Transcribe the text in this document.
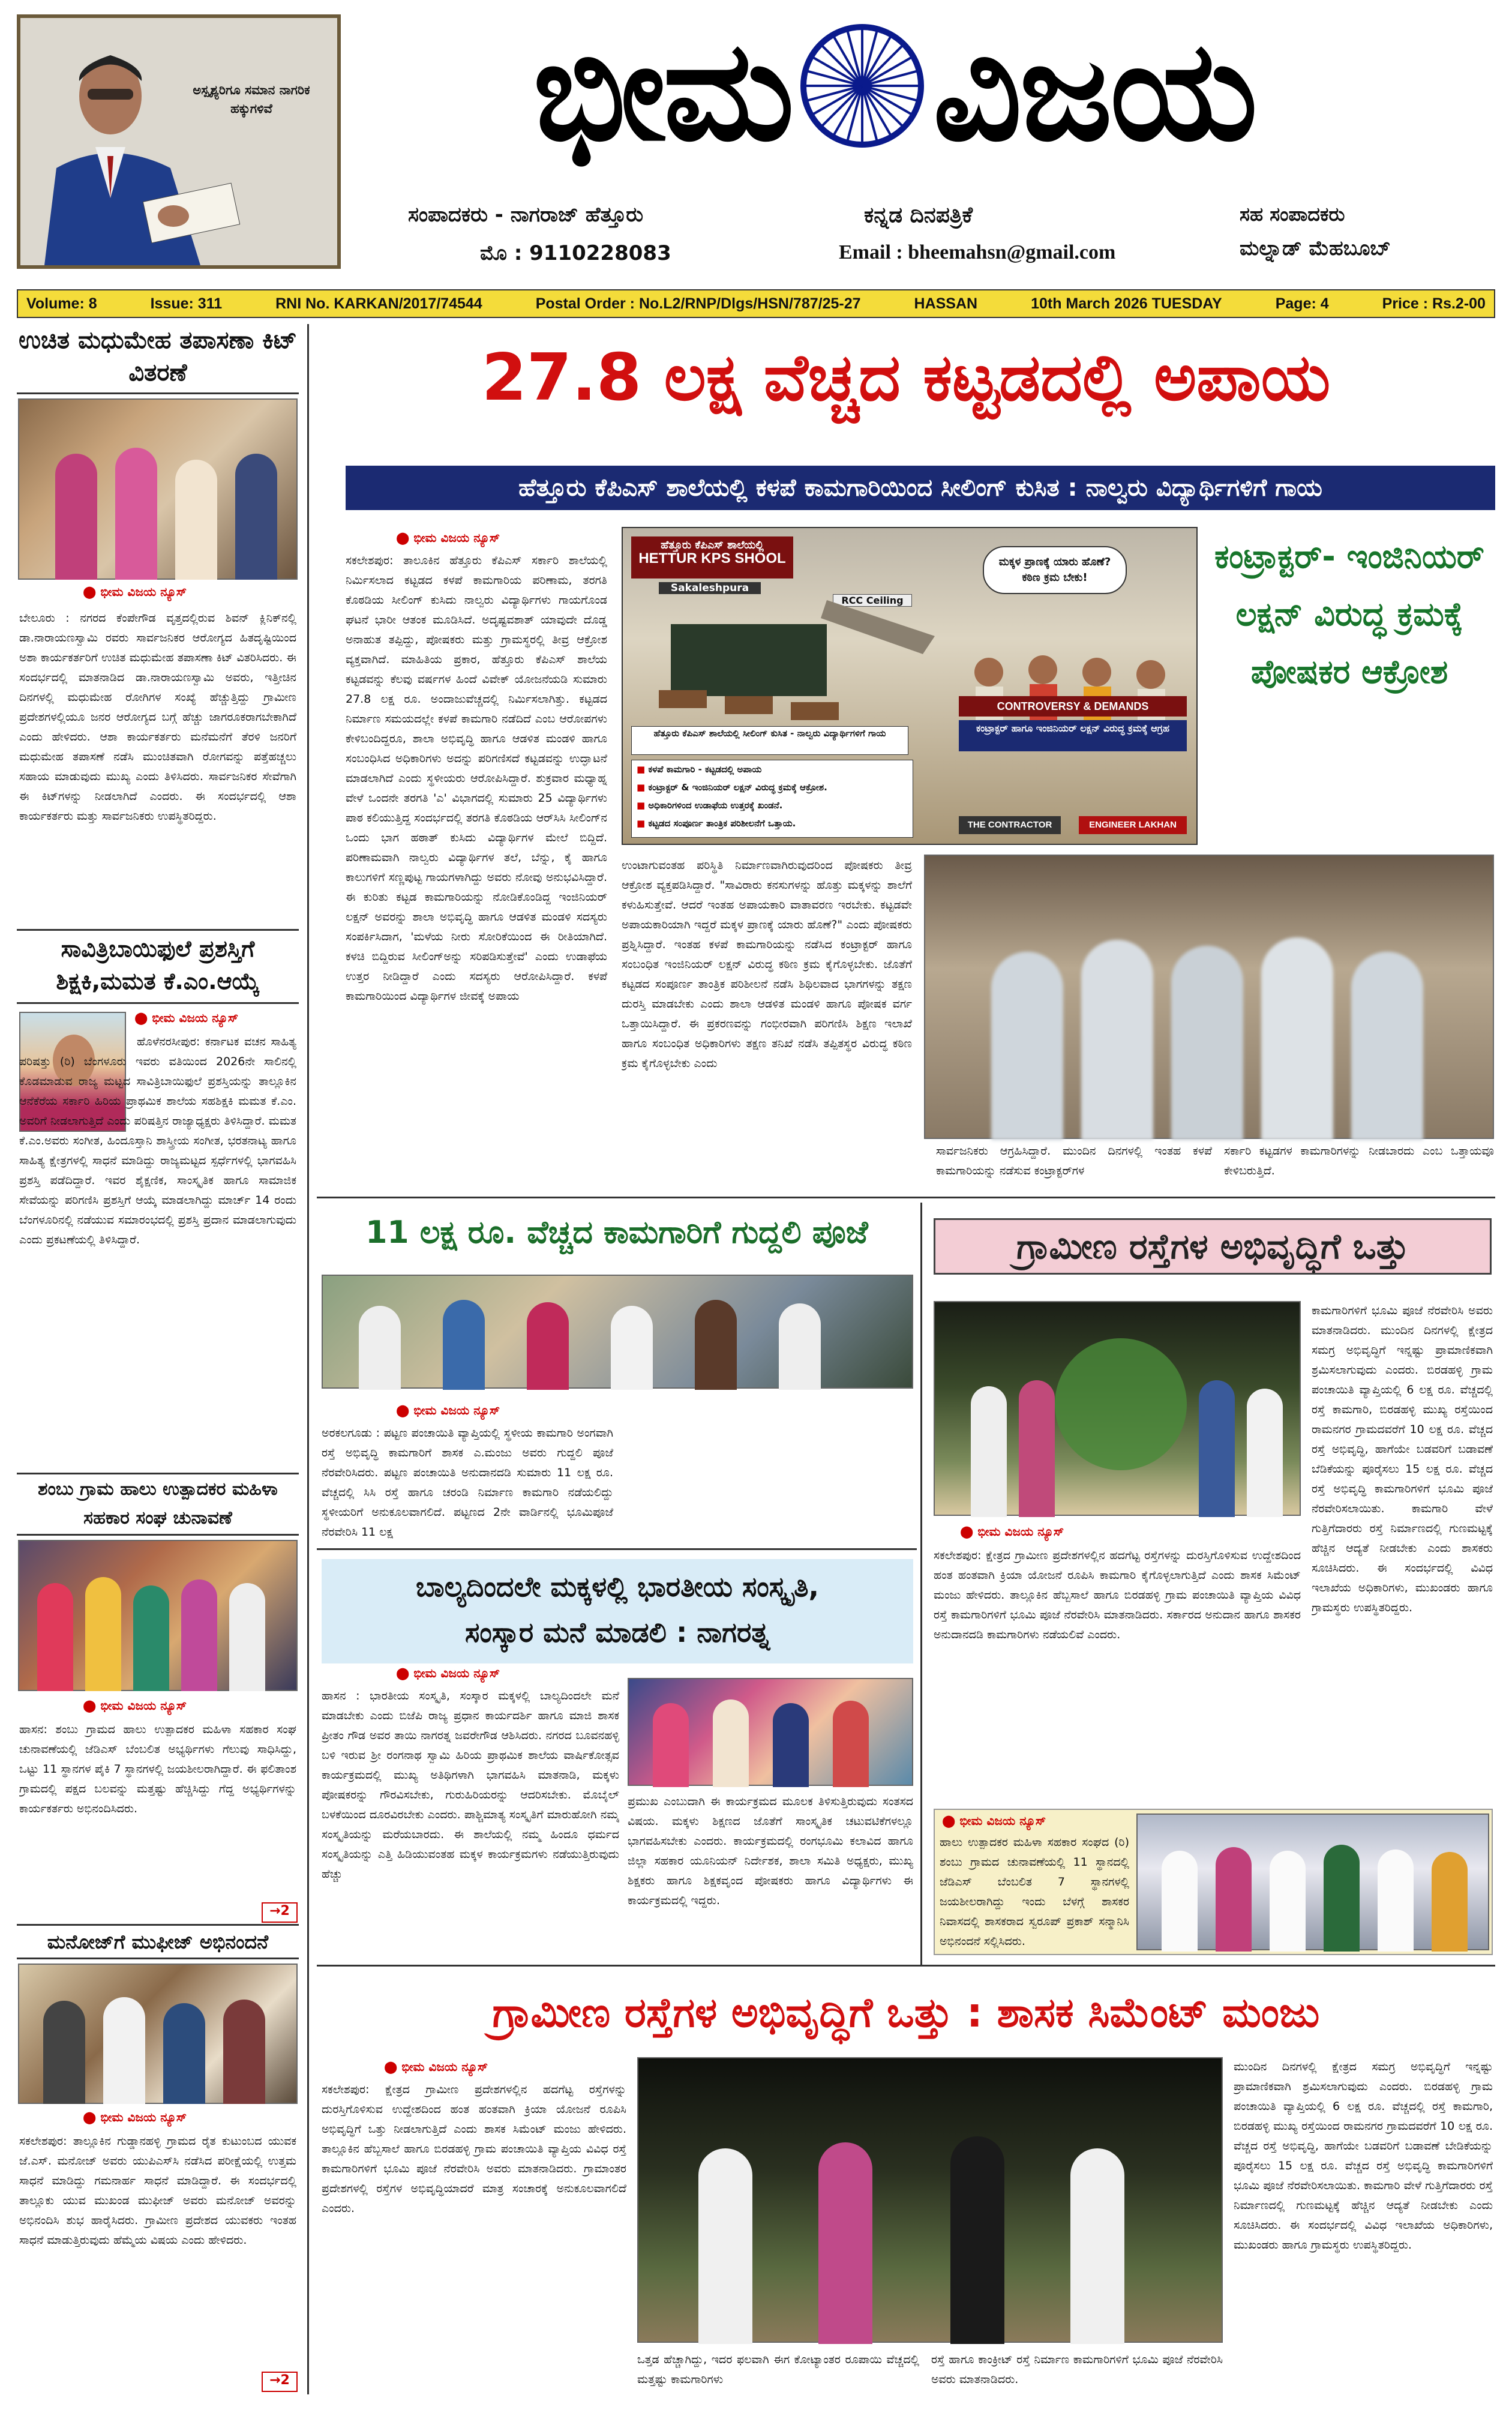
ಅಸ್ಪೃಶ್ಯರಿಗೂ ಸಮಾನ ನಾಗರಿಕ ಹಕ್ಕುಗಳಿವೆ	ಭೀಮ ವಿಜಯ
ಸಂಪಾದಕರು - ನಾಗರಾಜ್ ಹೆತ್ತೂರು
ಮೊ : 9110228083
ಕನ್ನಡ ದಿನಪತ್ರಿಕೆ
Email : bheemahsn@gmail.com
ಸಹ ಸಂಪಾದಕರು
ಮಲ್ನಾಡ್ ಮೆಹಬೂಬ್
Volume: 8	Issue: 311	RNI No. KARKAN/2017/74544	Postal Order : No.L2/RNP/Dlgs/HSN/787/25-27	HASSAN	10th March 2026 TUESDAY	Page: 4	Price : Rs.2-00
ಉಚಿತ ಮಧುಮೇಹ ತಪಾಸಣಾ ಕಿಟ್ ವಿತರಣೆ
⬤ ಭೀಮ ವಿಜಯ ನ್ಯೂಸ್
ಬೇಲೂರು : ನಗರದ ಕೆಂಪೇಗೌಡ ವೃತ್ತದಲ್ಲಿರುವ ಶಿವನ್ ಕ್ಲಿನಿಕ್‌ನಲ್ಲಿ ಡಾ.ನಾರಾಯಣಸ್ವಾಮಿ ರವರು ಸಾರ್ವಜನಿಕರ ಆರೋಗ್ಯದ ಹಿತದೃಷ್ಟಿಯಿಂದ ಅಶಾ ಕಾರ್ಯಕರ್ತರಿಗೆ ಉಚಿತ ಮಧುಮೇಹ ತಪಾಸಣಾ ಕಿಟ್ ವಿತರಿಸಿದರು. ಈ ಸಂದರ್ಭದಲ್ಲಿ ಮಾತನಾಡಿದ ಡಾ.ನಾರಾಯಣಸ್ವಾಮಿ ಅವರು, ಇತ್ತೀಚಿನ ದಿನಗಳಲ್ಲಿ ಮಧುಮೇಹ ರೋಗಿಗಳ ಸಂಖ್ಯೆ ಹೆಚ್ಚುತ್ತಿದ್ದು ಗ್ರಾಮೀಣ ಪ್ರದೇಶಗಳಲ್ಲಿಯೂ ಜನರ ಆರೋಗ್ಯದ ಬಗ್ಗೆ ಹೆಚ್ಚು ಜಾಗರೂಕರಾಗಬೇಕಾಗಿದೆ ಎಂದು ಹೇಳಿದರು. ಆಶಾ ಕಾರ್ಯಕರ್ತರು ಮನೆಮನೆಗೆ ತೆರಳಿ ಜನರಿಗೆ ಮಧುಮೇಹ ತಪಾಸಣೆ ನಡೆಸಿ ಮುಂಚಿತವಾಗಿ ರೋಗವನ್ನು ಪತ್ತೆಹಚ್ಚಲು ಸಹಾಯ ಮಾಡುವುದು ಮುಖ್ಯ ಎಂದು ತಿಳಿಸಿದರು. ಸಾರ್ವಜನಿಕರ ಸೇವೆಗಾಗಿ ಈ ಕಿಟ್‌ಗಳನ್ನು ನೀಡಲಾಗಿದೆ ಎಂದರು. ಈ ಸಂದರ್ಭದಲ್ಲಿ ಆಶಾ ಕಾರ್ಯಕರ್ತರು ಮತ್ತು ಸಾರ್ವಜನಿಕರು ಉಪಸ್ಥಿತರಿದ್ದರು.
ಸಾವಿತ್ರಿಬಾಯಿಫುಲೆ ಪ್ರಶಸ್ತಿಗೆ ಶಿಕ್ಷಕಿ,ಮಮತ ಕೆ.ಎಂ.ಆಯ್ಕೆ
⬤ ಭೀಮ ವಿಜಯ ನ್ಯೂಸ್
ಹೊಳೆನರಸೀಪುರ: ಕರ್ನಾಟಕ ವಚನ ಸಾಹಿತ್ಯ ಪರಿಷತ್ತು (ರಿ) ಬೆಂಗಳೂರು ಇವರು ವತಿಯಿಂದ 2026ನೇ ಸಾಲಿನಲ್ಲಿ ಕೊಡಮಾಡುವ ರಾಜ್ಯ ಮಟ್ಟದ ಸಾವಿತ್ರಿಬಾಯಿಫುಲೆ ಪ್ರಶಸ್ತಿಯನ್ನು ತಾಲ್ಲೂಕಿನ ಆನೆಕೆರೆಯ ಸರ್ಕಾರಿ ಹಿರಿಯ ಪ್ರಾಥಮಿಕ ಶಾಲೆಯ ಸಹಶಿಕ್ಷಕಿ ಮಮತ ಕೆ.ಎಂ. ಅವರಿಗೆ ನೀಡಲಾಗುತ್ತಿದೆ ಎಂದು ಪರಿಷತ್ತಿನ ರಾಜ್ಯಾಧ್ಯಕ್ಷರು ತಿಳಿಸಿದ್ದಾರೆ. ಮಮತ ಕೆ.ಎಂ.ಅವರು ಸಂಗೀತ, ಹಿಂದೂಸ್ತಾನಿ ಶಾಸ್ತ್ರೀಯ ಸಂಗೀತ, ಭರತನಾಟ್ಯ ಹಾಗೂ ಸಾಹಿತ್ಯ ಕ್ಷೇತ್ರಗಳಲ್ಲಿ ಸಾಧನೆ ಮಾಡಿದ್ದು ರಾಜ್ಯಮಟ್ಟದ ಸ್ಪರ್ಧೆಗಳಲ್ಲಿ ಭಾಗವಹಿಸಿ ಪ್ರಶಸ್ತಿ ಪಡೆದಿದ್ದಾರೆ. ಇವರ ಶೈಕ್ಷಣಿಕ, ಸಾಂಸ್ಕೃತಿಕ ಹಾಗೂ ಸಾಮಾಜಿಕ ಸೇವೆಯನ್ನು ಪರಿಗಣಿಸಿ ಪ್ರಶಸ್ತಿಗೆ ಆಯ್ಕೆ ಮಾಡಲಾಗಿದ್ದು ಮಾರ್ಚ್ 14 ರಂದು ಬೆಂಗಳೂರಿನಲ್ಲಿ ನಡೆಯುವ ಸಮಾರಂಭದಲ್ಲಿ ಪ್ರಶಸ್ತಿ ಪ್ರದಾನ ಮಾಡಲಾಗುವುದು ಎಂದು ಪ್ರಕಟಣೆಯಲ್ಲಿ ತಿಳಿಸಿದ್ದಾರೆ.
ಶಂಬು ಗ್ರಾಮ ಹಾಲು ಉತ್ಪಾದಕರ ಮಹಿಳಾ ಸಹಕಾರ ಸಂಘ ಚುನಾವಣೆ
⬤ ಭೀಮ ವಿಜಯ ನ್ಯೂಸ್
ಹಾಸನ: ಶಂಬು ಗ್ರಾಮದ ಹಾಲು ಉತ್ಪಾದಕರ ಮಹಿಳಾ ಸಹಕಾರ ಸಂಘ ಚುನಾವಣೆಯಲ್ಲಿ ಜೆಡಿಎಸ್ ಬೆಂಬಲಿತ ಅಭ್ಯರ್ಥಿಗಳು ಗೆಲುವು ಸಾಧಿಸಿದ್ದು, ಒಟ್ಟು 11 ಸ್ಥಾನಗಳ ಪೈಕಿ 7 ಸ್ಥಾನಗಳಲ್ಲಿ ಜಯಶೀಲರಾಗಿದ್ದಾರೆ. ಈ ಫಲಿತಾಂಶ ಗ್ರಾಮದಲ್ಲಿ ಪಕ್ಷದ ಬಲವನ್ನು ಮತ್ತಷ್ಟು ಹೆಚ್ಚಿಸಿದ್ದು ಗೆದ್ದ ಅಭ್ಯರ್ಥಿಗಳನ್ನು ಕಾರ್ಯಕರ್ತರು ಅಭಿನಂದಿಸಿದರು.
→2
ಮನೋಜ್‌ಗೆ ಮುಫೀಜ್ ಅಭಿನಂದನೆ
⬤ ಭೀಮ ವಿಜಯ ನ್ಯೂಸ್
ಸಕಲೇಶಪುರ: ತಾಲ್ಲೂಕಿನ ಗುಡ್ಡಾನಹಳ್ಳಿ ಗ್ರಾಮದ ರೈತ ಕುಟುಂಬದ ಯುವಕ ಜೆ.ಎಸ್. ಮನೋಜ್ ಅವರು ಯುಪಿಎಸ್‌ಸಿ ನಡೆಸಿದ ಪರೀಕ್ಷೆಯಲ್ಲಿ ಉತ್ತಮ ಸಾಧನೆ ಮಾಡಿದ್ದು ಗಮನಾರ್ಹ ಸಾಧನೆ ಮಾಡಿದ್ದಾರೆ. ಈ ಸಂದರ್ಭದಲ್ಲಿ ತಾಲ್ಲೂಕು ಯುವ ಮುಖಂಡ ಮುಫೀಜ್ ಅವರು ಮನೋಜ್ ಅವರನ್ನು ಅಭಿನಂದಿಸಿ ಶುಭ ಹಾರೈಸಿದರು. ಗ್ರಾಮೀಣ ಪ್ರದೇಶದ ಯುವಕರು ಇಂತಹ ಸಾಧನೆ ಮಾಡುತ್ತಿರುವುದು ಹೆಮ್ಮೆಯ ವಿಷಯ ಎಂದು ಹೇಳಿದರು.
→2
27.8 ಲಕ್ಷ ವೆಚ್ಚದ ಕಟ್ಟಡದಲ್ಲಿ ಅಪಾಯ
ಹೆತ್ತೂರು ಕೆಪಿಎಸ್ ಶಾಲೆಯಲ್ಲಿ ಕಳಪೆ ಕಾಮಗಾರಿಯಿಂದ ಸೀಲಿಂಗ್ ಕುಸಿತ : ನಾಲ್ವರು ವಿದ್ಯಾರ್ಥಿಗಳಿಗೆ ಗಾಯ
⬤ ಭೀಮ ವಿಜಯ ನ್ಯೂಸ್
ಸಕಲೇಶಪುರ: ತಾಲೂಕಿನ ಹೆತ್ತೂರು ಕೆಪಿಎಸ್ ಸರ್ಕಾರಿ ಶಾಲೆಯಲ್ಲಿ ನಿರ್ಮಿಸಲಾದ ಕಟ್ಟಡದ ಕಳಪೆ ಕಾಮಗಾರಿಯ ಪರಿಣಾಮ, ತರಗತಿ ಕೊಠಡಿಯ ಸೀಲಿಂಗ್ ಕುಸಿದು ನಾಲ್ವರು ವಿದ್ಯಾರ್ಥಿಗಳು ಗಾಯಗೊಂಡ ಘಟನೆ ಭಾರೀ ಆತಂಕ ಮೂಡಿಸಿದೆ. ಅದೃಷ್ಟವಶಾತ್ ಯಾವುದೇ ದೊಡ್ಡ ಅನಾಹುತ ತಪ್ಪಿದ್ದು, ಪೋಷಕರು ಮತ್ತು ಗ್ರಾಮಸ್ಥರಲ್ಲಿ ತೀವ್ರ ಆಕ್ರೋಶ ವ್ಯಕ್ತವಾಗಿದೆ. ಮಾಹಿತಿಯ ಪ್ರಕಾರ, ಹೆತ್ತೂರು ಕೆಪಿಎಸ್ ಶಾಲೆಯ ಕಟ್ಟಡವನ್ನು ಕೆಲವು ವರ್ಷಗಳ ಹಿಂದೆ ವಿವೇಕ್ ಯೋಜನೆಯಡಿ ಸುಮಾರು 27.8 ಲಕ್ಷ ರೂ. ಅಂದಾಜುವೆಚ್ಚದಲ್ಲಿ ನಿರ್ಮಿಸಲಾಗಿತ್ತು. ಕಟ್ಟಡದ ನಿರ್ಮಾಣ ಸಮಯದಲ್ಲೇ ಕಳಪೆ ಕಾಮಗಾರಿ ನಡೆದಿದೆ ಎಂಬ ಆರೋಪಗಳು ಕೇಳಿಬಂದಿದ್ದರೂ, ಶಾಲಾ ಅಭಿವೃದ್ಧಿ ಹಾಗೂ ಆಡಳಿತ ಮಂಡಳಿ ಹಾಗೂ ಸಂಬಂಧಿಸಿದ ಅಧಿಕಾರಿಗಳು ಅದನ್ನು ಪರಿಗಣಿಸದೆ ಕಟ್ಟಡವನ್ನು ಉದ್ಘಾಟನೆ ಮಾಡಲಾಗಿದೆ ಎಂದು ಸ್ಥಳೀಯರು ಆರೋಪಿಸಿದ್ದಾರೆ. ಶುಕ್ರವಾರ ಮಧ್ಯಾಹ್ನ ವೇಳೆ ಒಂದನೇ ತರಗತಿ 'ಎ' ವಿಭಾಗದಲ್ಲಿ ಸುಮಾರು 25 ವಿದ್ಯಾರ್ಥಿಗಳು ಪಾಠ ಕಲಿಯುತ್ತಿದ್ದ ಸಂದರ್ಭದಲ್ಲಿ ತರಗತಿ ಕೊಠಡಿಯ ಆರ್‌ಸಿಸಿ ಸೀಲಿಂಗ್‌ನ ಒಂದು ಭಾಗ ಹಠಾತ್ ಕುಸಿದು ವಿದ್ಯಾರ್ಥಿಗಳ ಮೇಲೆ ಬಿದ್ದಿದೆ. ಪರಿಣಾಮವಾಗಿ ನಾಲ್ವರು ವಿದ್ಯಾರ್ಥಿಗಳ ತಲೆ, ಬೆನ್ನು, ಕೈ ಹಾಗೂ ಕಾಲುಗಳಿಗೆ ಸಣ್ಣಪುಟ್ಟ ಗಾಯಗಳಾಗಿದ್ದು ಅವರು ನೋವು ಅನುಭವಿಸಿದ್ದಾರೆ. ಈ ಕುರಿತು ಕಟ್ಟಡ ಕಾಮಗಾರಿಯನ್ನು ನೋಡಿಕೊಂಡಿದ್ದ ಇಂಜಿನಿಯರ್ ಲಕ್ಷನ್ ಅವರನ್ನು ಶಾಲಾ ಅಭಿವೃದ್ಧಿ ಹಾಗೂ ಆಡಳಿತ ಮಂಡಳಿ ಸದಸ್ಯರು ಸಂಪರ್ಕಿಸಿದಾಗ, 'ಮಳೆಯ ನೀರು ಸೋರಿಕೆಯಿಂದ ಈ ರೀತಿಯಾಗಿದೆ. ಕಳಚಿ ಬಿದ್ದಿರುವ ಸೀಲಿಂಗ್‌ಅನ್ನು ಸರಿಪಡಿಸುತ್ತೇವೆ' ಎಂದು ಉಡಾಫೆಯ ಉತ್ತರ ನೀಡಿದ್ದಾರೆ ಎಂದು ಸದಸ್ಯರು ಆರೋಪಿಸಿದ್ದಾರೆ. ಕಳಪೆ ಕಾಮಗಾರಿಯಿಂದ ವಿದ್ಯಾರ್ಥಿಗಳ ಜೀವಕ್ಕೆ ಅಪಾಯ
ಹೆತ್ತೂರು ಕೆಪಿಎಸ್ ಶಾಲೆಯಲ್ಲಿ
HETTUR KPS SHOOL
Sakaleshpura
RCC Ceiling
ಮಕ್ಕಳ ಪ್ರಾಣಕ್ಕೆ ಯಾರು ಹೊಣೆ?
ಕಠಿಣ ಕ್ರಮ ಬೇಕು!
CONTROVERSY & DEMANDS
ಹೆತ್ತೂರು ಕೆಪಿಎಸ್ ಶಾಲೆಯಲ್ಲಿ ಸೀಲಿಂಗ್ ಕುಸಿತ - ನಾಲ್ವರು ವಿದ್ಯಾರ್ಥಿಗಳಿಗೆ ಗಾಯ	ಕಂಟ್ರಾಕ್ಟರ್ ಹಾಗೂ ಇಂಜಿನಿಯರ್ ಲಕ್ಷನ್ ವಿರುದ್ಧ ಕ್ರಮಕ್ಕೆ ಆಗ್ರಹ
■ ಕಳಪೆ ಕಾಮಗಾರಿ - ಕಟ್ಟಡದಲ್ಲಿ ಅಪಾಯ
■ ಕಂಟ್ರಾಕ್ಟರ್ & ಇಂಜಿನಿಯರ್ ಲಕ್ಷನ್ ವಿರುದ್ಧ ಕ್ರಮಕ್ಕೆ ಆಕ್ರೋಶ.
■ ಅಧಿಕಾರಿಗಳಿಂದ ಉಡಾಫೆಯ ಉತ್ತರಕ್ಕೆ ಖಂಡನೆ.
■ ಕಟ್ಟಡದ ಸಂಪೂರ್ಣ ತಾಂತ್ರಿಕ ಪರಿಶೀಲನೆಗೆ ಒತ್ತಾಯ.	THE CONTRACTOR	ENGINEER LAKHAN
ಕಂಟ್ರಾಕ್ಟರ್- ಇಂಜಿನಿಯರ್ ಲಕ್ಷನ್ ವಿರುದ್ಧ ಕ್ರಮಕ್ಕೆ ಪೋಷಕರ ಆಕ್ರೋಶ
ಉಂಟಾಗುವಂತಹ ಪರಿಸ್ಥಿತಿ ನಿರ್ಮಾಣವಾಗಿರುವುದರಿಂದ ಪೋಷಕರು ತೀವ್ರ ಆಕ್ರೋಶ ವ್ಯಕ್ತಪಡಿಸಿದ್ದಾರೆ. "ಸಾವಿರಾರು ಕನಸುಗಳನ್ನು ಹೊತ್ತು ಮಕ್ಕಳನ್ನು ಶಾಲೆಗೆ ಕಳುಹಿಸುತ್ತೇವೆ. ಆದರೆ ಇಂತಹ ಅಪಾಯಕಾರಿ ವಾತಾವರಣ ಇರಬೇಕು. ಕಟ್ಟಡವೇ ಅಪಾಯಕಾರಿಯಾಗಿ ಇದ್ದರೆ ಮಕ್ಕಳ ಪ್ರಾಣಕ್ಕೆ ಯಾರು ಹೊಣೆ?" ಎಂದು ಪೋಷಕರು ಪ್ರಶ್ನಿಸಿದ್ದಾರೆ. ಇಂತಹ ಕಳಪೆ ಕಾಮಗಾರಿಯನ್ನು ನಡೆಸಿದ ಕಂಟ್ರಾಕ್ಟರ್ ಹಾಗೂ ಸಂಬಂಧಿತ ಇಂಜಿನಿಯರ್ ಲಕ್ಷನ್ ವಿರುದ್ಧ ಕಠಿಣ ಕ್ರಮ ಕೈಗೊಳ್ಳಬೇಕು. ಜೊತೆಗೆ ಕಟ್ಟಡದ ಸಂಪೂರ್ಣ ತಾಂತ್ರಿಕ ಪರಿಶೀಲನೆ ನಡೆಸಿ ಶಿಥಿಲವಾದ ಭಾಗಗಳನ್ನು ತಕ್ಷಣ ದುರಸ್ತಿ ಮಾಡಬೇಕು ಎಂದು ಶಾಲಾ ಆಡಳಿತ ಮಂಡಳಿ ಹಾಗೂ ಪೋಷಕ ವರ್ಗ ಒತ್ತಾಯಿಸಿದ್ದಾರೆ. ಈ ಪ್ರಕರಣವನ್ನು ಗಂಭೀರವಾಗಿ ಪರಿಗಣಿಸಿ ಶಿಕ್ಷಣ ಇಲಾಖೆ ಹಾಗೂ ಸಂಬಂಧಿತ ಅಧಿಕಾರಿಗಳು ತಕ್ಷಣ ತನಿಖೆ ನಡೆಸಿ ತಪ್ಪಿತಸ್ಥರ ವಿರುದ್ಧ ಕಠಿಣ ಕ್ರಮ ಕೈಗೊಳ್ಳಬೇಕು ಎಂದು
ಸಾರ್ವಜನಿಕರು ಆಗ್ರಹಿಸಿದ್ದಾರೆ. ಮುಂದಿನ ದಿನಗಳಲ್ಲಿ ಇಂತಹ ಕಳಪೆ ಕಾಮಗಾರಿಯನ್ನು ನಡೆಸುವ ಕಂಟ್ರಾಕ್ಟರ್‌ಗಳ
ಸರ್ಕಾರಿ ಕಟ್ಟಡಗಳ ಕಾಮಗಾರಿಗಳನ್ನು ನೀಡಬಾರದು ಎಂಬ ಒತ್ತಾಯವೂ ಕೇಳಿಬರುತ್ತಿದೆ.
11 ಲಕ್ಷ ರೂ. ವೆಚ್ಚದ ಕಾಮಗಾರಿಗೆ ಗುದ್ದಲಿ ಪೂಜೆ
⬤ ಭೀಮ ವಿಜಯ ನ್ಯೂಸ್
ಅರಕಲಗೂಡು : ಪಟ್ಟಣ ಪಂಚಾಯಿತಿ ವ್ಯಾಪ್ತಿಯಲ್ಲಿ ಸ್ಥಳೀಯ ಕಾಮಗಾರಿ ಅಂಗವಾಗಿ ರಸ್ತೆ ಅಭಿವೃದ್ಧಿ ಕಾಮಗಾರಿಗೆ ಶಾಸಕ ಎ.ಮಂಜು ಅವರು ಗುದ್ದಲಿ ಪೂಜೆ ನೆರವೇರಿಸಿದರು. ಪಟ್ಟಣ ಪಂಚಾಯಿತಿ ಅನುದಾನದಡಿ ಸುಮಾರು 11 ಲಕ್ಷ ರೂ. ವೆಚ್ಚದಲ್ಲಿ ಸಿಸಿ ರಸ್ತೆ ಹಾಗೂ ಚರಂಡಿ ನಿರ್ಮಾಣ ಕಾಮಗಾರಿ ನಡೆಯಲಿದ್ದು ಸ್ಥಳೀಯರಿಗೆ ಅನುಕೂಲವಾಗಲಿದೆ. ಪಟ್ಟಣದ 2ನೇ ವಾರ್ಡಿನಲ್ಲಿ ಭೂಮಿಪೂಜೆ ನೆರವೇರಿಸಿ 11 ಲಕ್ಷ
ಗ್ರಾಮೀಣ ರಸ್ತೆಗಳ ಅಭಿವೃದ್ಧಿಗೆ ಒತ್ತು
ಕಾಮಗಾರಿಗಳಿಗೆ ಭೂಮಿ ಪೂಜೆ ನೆರವೇರಿಸಿ ಅವರು ಮಾತನಾಡಿದರು. ಮುಂದಿನ ದಿನಗಳಲ್ಲಿ ಕ್ಷೇತ್ರದ ಸಮಗ್ರ ಅಭಿವೃದ್ಧಿಗೆ ಇನ್ನಷ್ಟು ಪ್ರಾಮಾಣಿಕವಾಗಿ ಶ್ರಮಿಸಲಾಗುವುದು ಎಂದರು. ಬಿರಡಹಳ್ಳಿ ಗ್ರಾಮ ಪಂಚಾಯಿತಿ ವ್ಯಾಪ್ತಿಯಲ್ಲಿ 6 ಲಕ್ಷ ರೂ. ವೆಚ್ಚದಲ್ಲಿ ರಸ್ತೆ ಕಾಮಗಾರಿ, ಬಿರಡಹಳ್ಳಿ ಮುಖ್ಯ ರಸ್ತೆಯಿಂದ ರಾಮನಗರ ಗ್ರಾಮದವರೆಗೆ 10 ಲಕ್ಷ ರೂ. ವೆಚ್ಚದ ರಸ್ತೆ ಅಭಿವೃದ್ಧಿ, ಹಾಗೆಯೇ ಬಡವರಿಗೆ ಬಡಾವಣೆ ಬೆಡಿಕೆಯನ್ನು ಪೂರೈಸಲು 15 ಲಕ್ಷ ರೂ. ವೆಚ್ಚದ ರಸ್ತೆ ಅಭಿವೃದ್ಧಿ ಕಾಮಗಾರಿಗಳಿಗೆ ಭೂಮಿ ಪೂಜೆ ನೆರವೇರಿಸಲಾಯಿತು. ಕಾಮಗಾರಿ ವೇಳೆ ಗುತ್ತಿಗೆದಾರರು ರಸ್ತೆ ನಿರ್ಮಾಣದಲ್ಲಿ ಗುಣಮಟ್ಟಕ್ಕೆ ಹೆಚ್ಚಿನ ಆದ್ಯತೆ ನೀಡಬೇಕು ಎಂದು ಶಾಸಕರು ಸೂಚಿಸಿದರು. ಈ ಸಂದರ್ಭದಲ್ಲಿ ವಿವಿಧ ಇಲಾಖೆಯ ಅಧಿಕಾರಿಗಳು, ಮುಖಂಡರು ಹಾಗೂ ಗ್ರಾಮಸ್ಥರು ಉಪಸ್ಥಿತರಿದ್ದರು.
⬤ ಭೀಮ ವಿಜಯ ನ್ಯೂಸ್
ಸಕಲೇಶಪುರ: ಕ್ಷೇತ್ರದ ಗ್ರಾಮೀಣ ಪ್ರದೇಶಗಳಲ್ಲಿನ ಹದಗೆಟ್ಟ ರಸ್ತೆಗಳನ್ನು ದುರಸ್ತಿಗೊಳಿಸುವ ಉದ್ದೇಶದಿಂದ ಹಂತ ಹಂತವಾಗಿ ಕ್ರಿಯಾ ಯೋಜನೆ ರೂಪಿಸಿ ಕಾಮಗಾರಿ ಕೈಗೊಳ್ಳಲಾಗುತ್ತಿದೆ ಎಂದು ಶಾಸಕ ಸಿಮೆಂಟ್ ಮಂಜು ಹೇಳಿದರು. ತಾಲ್ಲೂಕಿನ ಹೆಬ್ಬಸಾಲೆ ಹಾಗೂ ಬಿರಡಹಳ್ಳಿ ಗ್ರಾಮ ಪಂಚಾಯಿತಿ ವ್ಯಾಪ್ತಿಯ ವಿವಿಧ ರಸ್ತೆ ಕಾಮಗಾರಿಗಳಿಗೆ ಭೂಮಿ ಪೂಜೆ ನೆರವೇರಿಸಿ ಮಾತನಾಡಿದರು. ಸರ್ಕಾರದ ಅನುದಾನ ಹಾಗೂ ಶಾಸಕರ ಅನುದಾನದಡಿ ಕಾಮಗಾರಿಗಳು ನಡೆಯಲಿವೆ ಎಂದರು.
ಬಾಲ್ಯದಿಂದಲೇ ಮಕ್ಕಳಲ್ಲಿ ಭಾರತೀಯ ಸಂಸ್ಕೃತಿ,
ಸಂಸ್ಕಾರ ಮನೆ ಮಾಡಲಿ : ನಾಗರತ್ನ
⬤ ಭೀಮ ವಿಜಯ ನ್ಯೂಸ್
ಹಾಸನ : ಭಾರತೀಯ ಸಂಸ್ಕೃತಿ, ಸಂಸ್ಕಾರ ಮಕ್ಕಳಲ್ಲಿ ಬಾಲ್ಯದಿಂದಲೇ ಮನೆ ಮಾಡಬೇಕು ಎಂದು ಬಿಜೆಪಿ ರಾಜ್ಯ ಪ್ರಧಾನ ಕಾರ್ಯದರ್ಶಿ ಹಾಗೂ ಮಾಜಿ ಶಾಸಕ ಪ್ರೀತಂ ಗೌಡ ಅವರ ತಾಯಿ ನಾಗರತ್ನ ಜವರೇಗೌಡ ಆಶಿಸಿದರು. ನಗರದ ಬೂವನಹಳ್ಳಿ ಬಳಿ ಇರುವ ಶ್ರೀ ರಂಗನಾಥ ಸ್ವಾಮಿ ಹಿರಿಯ ಪ್ರಾಥಮಿಕ ಶಾಲೆಯ ವಾರ್ಷಿಕೋತ್ಸವ ಕಾರ್ಯಕ್ರಮದಲ್ಲಿ ಮುಖ್ಯ ಅತಿಥಿಗಳಾಗಿ ಭಾಗವಹಿಸಿ ಮಾತನಾಡಿ, ಮಕ್ಕಳು ಪೋಷಕರನ್ನು ಗೌರವಿಸಬೇಕು, ಗುರುಹಿರಿಯರನ್ನು ಆದರಿಸಬೇಕು. ಮೊಬೈಲ್ ಬಳಕೆಯಿಂದ ದೂರವಿರಬೇಕು ಎಂದರು. ಪಾಶ್ಚಿಮಾತ್ಯ ಸಂಸ್ಕೃತಿಗೆ ಮಾರುಹೋಗಿ ನಮ್ಮ ಸಂಸ್ಕೃತಿಯನ್ನು ಮರೆಯಬಾರದು. ಈ ಶಾಲೆಯಲ್ಲಿ ನಮ್ಮ ಹಿಂದೂ ಧರ್ಮದ ಸಂಸ್ಕೃತಿಯನ್ನು ಎತ್ತಿ ಹಿಡಿಯುವಂತಹ ಮಕ್ಕಳ ಕಾರ್ಯಕ್ರಮಗಳು ನಡೆಯುತ್ತಿರುವುದು ಹೆಚ್ಚು
ಪ್ರಮುಖ ಎಂಬುದಾಗಿ ಈ ಕಾರ್ಯಕ್ರಮದ ಮೂಲಕ ತಿಳಿಸುತ್ತಿರುವುದು ಸಂತಸದ ವಿಷಯ. ಮಕ್ಕಳು ಶಿಕ್ಷಣದ ಜೊತೆಗೆ ಸಾಂಸ್ಕೃತಿಕ ಚಟುವಟಿಕೆಗಳಲ್ಲೂ ಭಾಗವಹಿಸಬೇಕು ಎಂದರು. ಕಾರ್ಯಕ್ರಮದಲ್ಲಿ ರಂಗಭೂಮಿ ಕಲಾವಿದ ಹಾಗೂ ಜಿಲ್ಲಾ ಸಹಕಾರ ಯೂನಿಯನ್ ನಿರ್ದೇಶಕ, ಶಾಲಾ ಸಮಿತಿ ಅಧ್ಯಕ್ಷರು, ಮುಖ್ಯ ಶಿಕ್ಷಕರು ಹಾಗೂ ಶಿಕ್ಷಕವೃಂದ ಪೋಷಕರು ಹಾಗೂ ವಿದ್ಯಾರ್ಥಿಗಳು ಈ ಕಾರ್ಯಕ್ರಮದಲ್ಲಿ ಇದ್ದರು.
⬤ ಭೀಮ ವಿಜಯ ನ್ಯೂಸ್
ಹಾಲು ಉತ್ಪಾದಕರ ಮಹಿಳಾ ಸಹಕಾರ ಸಂಘದ (ರಿ) ಶಂಬು ಗ್ರಾಮದ ಚುನಾವಣೆಯಲ್ಲಿ 11 ಸ್ಥಾನದಲ್ಲಿ ಜೆಡಿಎಸ್ ಬೆಂಬಲಿತ 7 ಸ್ಥಾನಗಳಲ್ಲಿ ಜಯಶೀಲರಾಗಿದ್ದು ಇಂದು ಬೆಳಗ್ಗೆ ಶಾಸಕರ ನಿವಾಸದಲ್ಲಿ ಶಾಸಕರಾದ ಸ್ವರೂಪ್ ಪ್ರಕಾಶ್ ಸನ್ಮಾನಿಸಿ ಅಭಿನಂದನೆ ಸಲ್ಲಿಸಿದರು.
ಗ್ರಾಮೀಣ ರಸ್ತೆಗಳ ಅಭಿವೃದ್ಧಿಗೆ ಒತ್ತು : ಶಾಸಕ ಸಿಮೆಂಟ್ ಮಂಜು
⬤ ಭೀಮ ವಿಜಯ ನ್ಯೂಸ್
ಸಕಲೇಶಪುರ: ಕ್ಷೇತ್ರದ ಗ್ರಾಮೀಣ ಪ್ರದೇಶಗಳಲ್ಲಿನ ಹದಗೆಟ್ಟ ರಸ್ತೆಗಳನ್ನು ದುರಸ್ತಿಗೊಳಿಸುವ ಉದ್ದೇಶದಿಂದ ಹಂತ ಹಂತವಾಗಿ ಕ್ರಿಯಾ ಯೋಜನೆ ರೂಪಿಸಿ ಅಭಿವೃದ್ಧಿಗೆ ಒತ್ತು ನೀಡಲಾಗುತ್ತಿದೆ ಎಂದು ಶಾಸಕ ಸಿಮೆಂಟ್ ಮಂಜು ಹೇಳಿದರು. ತಾಲ್ಲೂಕಿನ ಹೆಬ್ಬಸಾಲೆ ಹಾಗೂ ಬಿರಡಹಳ್ಳಿ ಗ್ರಾಮ ಪಂಚಾಯಿತಿ ವ್ಯಾಪ್ತಿಯ ವಿವಿಧ ರಸ್ತೆ ಕಾಮಗಾರಿಗಳಿಗೆ ಭೂಮಿ ಪೂಜೆ ನೆರವೇರಿಸಿ ಅವರು ಮಾತನಾಡಿದರು. ಗ್ರಾಮಾಂತರ ಪ್ರದೇಶಗಳಲ್ಲಿ ರಸ್ತೆಗಳ ಅಭಿವೃದ್ಧಿಯಾದರೆ ಮಾತ್ರ ಸಂಚಾರಕ್ಕೆ ಅನುಕೂಲವಾಗಲಿದೆ ಎಂದರು.
ಒತ್ತಡ ಹೆಚ್ಚಾಗಿದ್ದು, ಇದರ ಫಲವಾಗಿ ಈಗ ಕೋಟ್ಯಾಂತರ ರೂಪಾಯಿ ವೆಚ್ಚದಲ್ಲಿ ಮತ್ತಷ್ಟು ಕಾಮಗಾರಿಗಳು
ರಸ್ತೆ ಹಾಗೂ ಕಾಂಕ್ರೀಟ್ ರಸ್ತೆ ನಿರ್ಮಾಣ ಕಾಮಗಾರಿಗಳಿಗೆ ಭೂಮಿ ಪೂಜೆ ನೆರವೇರಿಸಿ ಅವರು ಮಾತನಾಡಿದರು.
ಮುಂದಿನ ದಿನಗಳಲ್ಲಿ ಕ್ಷೇತ್ರದ ಸಮಗ್ರ ಅಭಿವೃದ್ಧಿಗೆ ಇನ್ನಷ್ಟು ಪ್ರಾಮಾಣಿಕವಾಗಿ ಶ್ರಮಿಸಲಾಗುವುದು ಎಂದರು. ಬಿರಡಹಳ್ಳಿ ಗ್ರಾಮ ಪಂಚಾಯಿತಿ ವ್ಯಾಪ್ತಿಯಲ್ಲಿ 6 ಲಕ್ಷ ರೂ. ವೆಚ್ಚದಲ್ಲಿ ರಸ್ತೆ ಕಾಮಗಾರಿ, ಬಿರಡಹಳ್ಳಿ ಮುಖ್ಯ ರಸ್ತೆಯಿಂದ ರಾಮನಗರ ಗ್ರಾಮದವರೆಗೆ 10 ಲಕ್ಷ ರೂ. ವೆಚ್ಚದ ರಸ್ತೆ ಅಭಿವೃದ್ಧಿ, ಹಾಗೆಯೇ ಬಡವರಿಗೆ ಬಡಾವಣೆ ಬೇಡಿಕೆಯನ್ನು ಪೂರೈಸಲು 15 ಲಕ್ಷ ರೂ. ವೆಚ್ಚದ ರಸ್ತೆ ಅಭಿವೃದ್ಧಿ ಕಾಮಗಾರಿಗಳಿಗೆ ಭೂಮಿ ಪೂಜೆ ನೆರವೇರಿಸಲಾಯಿತು. ಕಾಮಗಾರಿ ವೇಳೆ ಗುತ್ತಿಗೆದಾರರು ರಸ್ತೆ ನಿರ್ಮಾಣದಲ್ಲಿ ಗುಣಮಟ್ಟಕ್ಕೆ ಹೆಚ್ಚಿನ ಆದ್ಯತೆ ನೀಡಬೇಕು ಎಂದು ಸೂಚಿಸಿದರು. ಈ ಸಂದರ್ಭದಲ್ಲಿ ವಿವಿಧ ಇಲಾಖೆಯ ಅಧಿಕಾರಿಗಳು, ಮುಖಂಡರು ಹಾಗೂ ಗ್ರಾಮಸ್ಥರು ಉಪಸ್ಥಿತರಿದ್ದರು.
